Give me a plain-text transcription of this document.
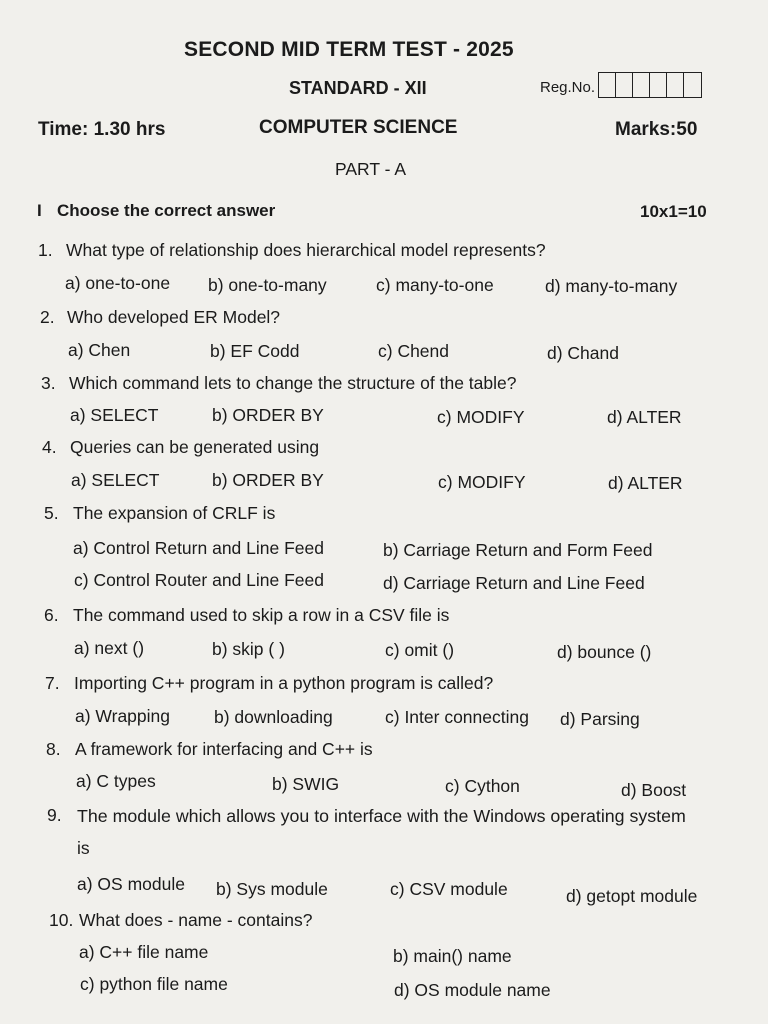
SECOND MID TERM TEST - 2025
STANDARD - XII	Reg.No.
Time: 1.30 hrs	COMPUTER SCIENCE	Marks:50
PART - A
I Choose the correct answer	10x1=10
1. What type of relationship does hierarchical model represents?
a) one-to-one b) one-to-many	c) many-to-one	d) many-to-many
2. Who developed ER Model?
a) Chen	b) EF Codd	c) Chend	d) Chand
3. Which command lets to change the structure of the table?
a) SELECT	b) ORDER BY	c) MODIFY	d) ALTER
4. Queries can be generated using
a) SELECT	b) ORDER BY	c) MODIFY	d) ALTER
5. The expansion of CRLF is
a) Control Return and Line Feed	b) Carriage Return and Form Feed
c) Control Router and Line Feed	d) Carriage Return and Line Feed
6. The command used to skip a row in a CSV file is
a) next ()	b) skip ( )	c) omit ()	d) bounce ()
7. Importing C++ program in a python program is called?
a) Wrapping	b) downloading	c) Inter connecting d) Parsing
8. A framework for interfacing and C++ is
a) C types	b) SWIG	c) Cython	d) Boost
9. The module which allows you to interface with the Windows operating system
is
a) OS module b) Sys module	c) CSV module	d) getopt module
10. What does - name - contains?
a) C++ file name	b) main() name
c) python file name	d) OS module name
